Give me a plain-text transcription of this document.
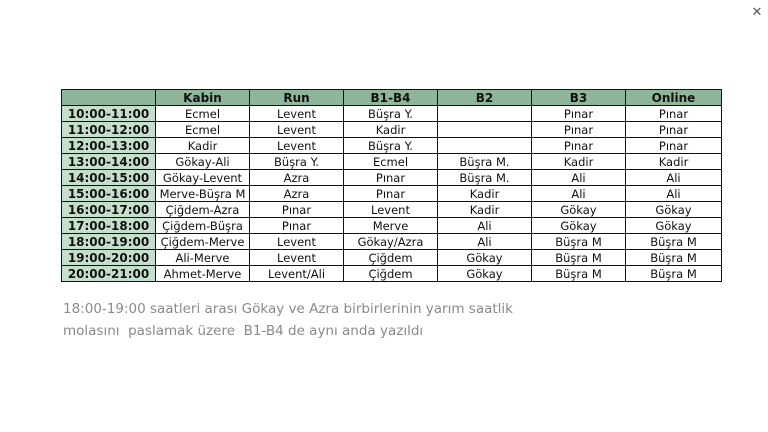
✕
	Kabin	Run	B1-B4	B2	B3	Online
10:00-11:00	Ecmel	Levent	Büşra Y.		Pınar	Pınar
11:00-12:00	Ecmel	Levent	Kadir		Pınar	Pınar
12:00-13:00	Kadir	Levent	Büşra Y.		Pınar	Pınar
13:00-14:00	Gökay-Ali	Büşra Y.	Ecmel	Büşra M.	Kadir	Kadir
14:00-15:00	Gökay-Levent	Azra	Pınar	Büşra M.	Ali	Ali
15:00-16:00	Merve-Büşra M	Azra	Pınar	Kadir	Ali	Ali
16:00-17:00	Çiğdem-Azra	Pınar	Levent	Kadir	Gökay	Gökay
17:00-18:00	Çiğdem-Büşra	Pınar	Merve	Ali	Gökay	Gökay
18:00-19:00	Çiğdem-Merve	Levent	Gökay/Azra	Ali	Büşra M	Büşra M
19:00-20:00	Ali-Merve	Levent	Çiğdem	Gökay	Büşra M	Büşra M
20:00-21:00	Ahmet-Merve	Levent/Ali	Çiğdem	Gökay	Büşra M	Büşra M
18:00-19:00 saatleri arası Gökay ve Azra birbirlerinin yarım saatlik
molasını  paslamak üzere  B1-B4 de aynı anda yazıldı
